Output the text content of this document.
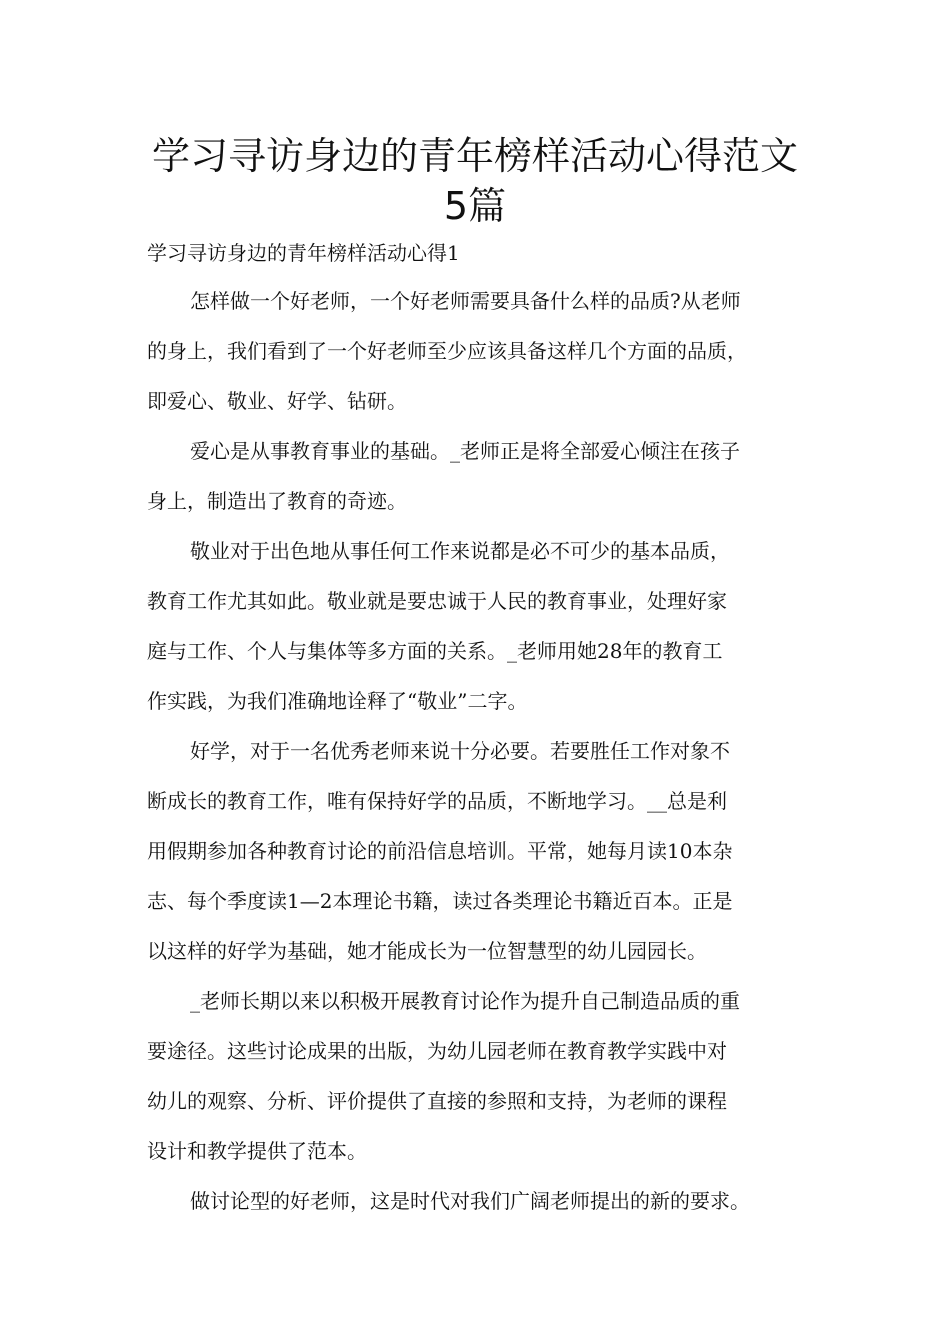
学习寻访身边的青年榜样活动心得范文
5篇

学习寻访身边的青年榜样活动心得1

怎样做一个好老师，一个好老师需要具备什么样的品质?从老师

的身上，我们看到了一个好老师至少应该具备这样几个方面的品质，

即爱心、敬业、好学、钻研。

爱心是从事教育事业的基础。_老师正是将全部爱心倾注在孩子

身上，制造出了教育的奇迹。

敬业对于出色地从事任何工作来说都是必不可少的基本品质，

教育工作尤其如此。敬业就是要忠诚于人民的教育事业，处理好家

庭与工作、个人与集体等多方面的关系。_老师用她28年的教育工

作实践，为我们准确地诠释了“敬业”二字。

好学，对于一名优秀老师来说十分必要。若要胜任工作对象不

断成长的教育工作，唯有保持好学的品质，不断地学习。__总是利

用假期参加各种教育讨论的前沿信息培训。平常，她每月读10本杂

志、每个季度读1—2本理论书籍，读过各类理论书籍近百本。正是

以这样的好学为基础，她才能成长为一位智慧型的幼儿园园长。

_老师长期以来以积极开展教育讨论作为提升自己制造品质的重

要途径。这些讨论成果的出版，为幼儿园老师在教育教学实践中对

幼儿的观察、分析、评价提供了直接的参照和支持，为老师的课程

设计和教学提供了范本。

做讨论型的好老师，这是时代对我们广阔老师提出的新的要求。
